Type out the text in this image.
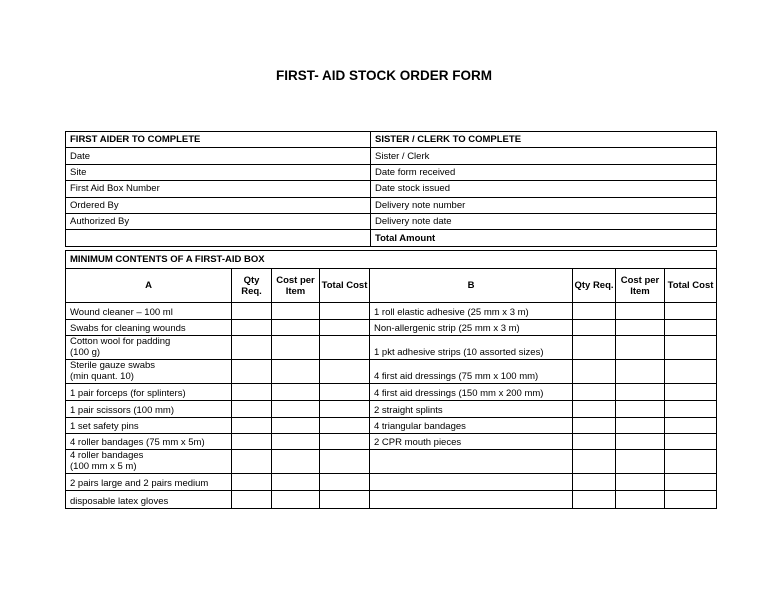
FIRST- AID STOCK ORDER FORM
FIRST AIDER TO COMPLETE	SISTER / CLERK TO COMPLETE
Date	Sister / Clerk
Site	Date form received
First Aid Box Number	Date stock issued
Ordered By	Delivery note number
Authorized By	Delivery note date
	Total Amount
MINIMUM CONTENTS OF A FIRST-AID BOX							
A	Qty Req.	Cost per Item	Total Cost	B	Qty Req.	Cost per Item	Total Cost
Wound cleaner – 100 ml				1 roll elastic adhesive (25 mm x 3 m)			
Swabs for cleaning wounds				Non-allergenic strip (25 mm x 3 m)			
Cotton wool for padding
(100 g)				1 pkt adhesive strips (10 assorted sizes)			
Sterile gauze swabs
(min quant. 10)				4 first aid dressings (75 mm x 100 mm)			
1 pair forceps (for splinters)				4 first aid dressings (150 mm x 200 mm)			
1 pair scissors (100 mm)				2 straight splints			
1 set safety pins				4 triangular bandages			
4 roller bandages (75 mm x 5m)				2 CPR mouth pieces			
4 roller bandages
(100 mm x 5 m)							
2 pairs large and 2 pairs medium							
disposable latex gloves							
